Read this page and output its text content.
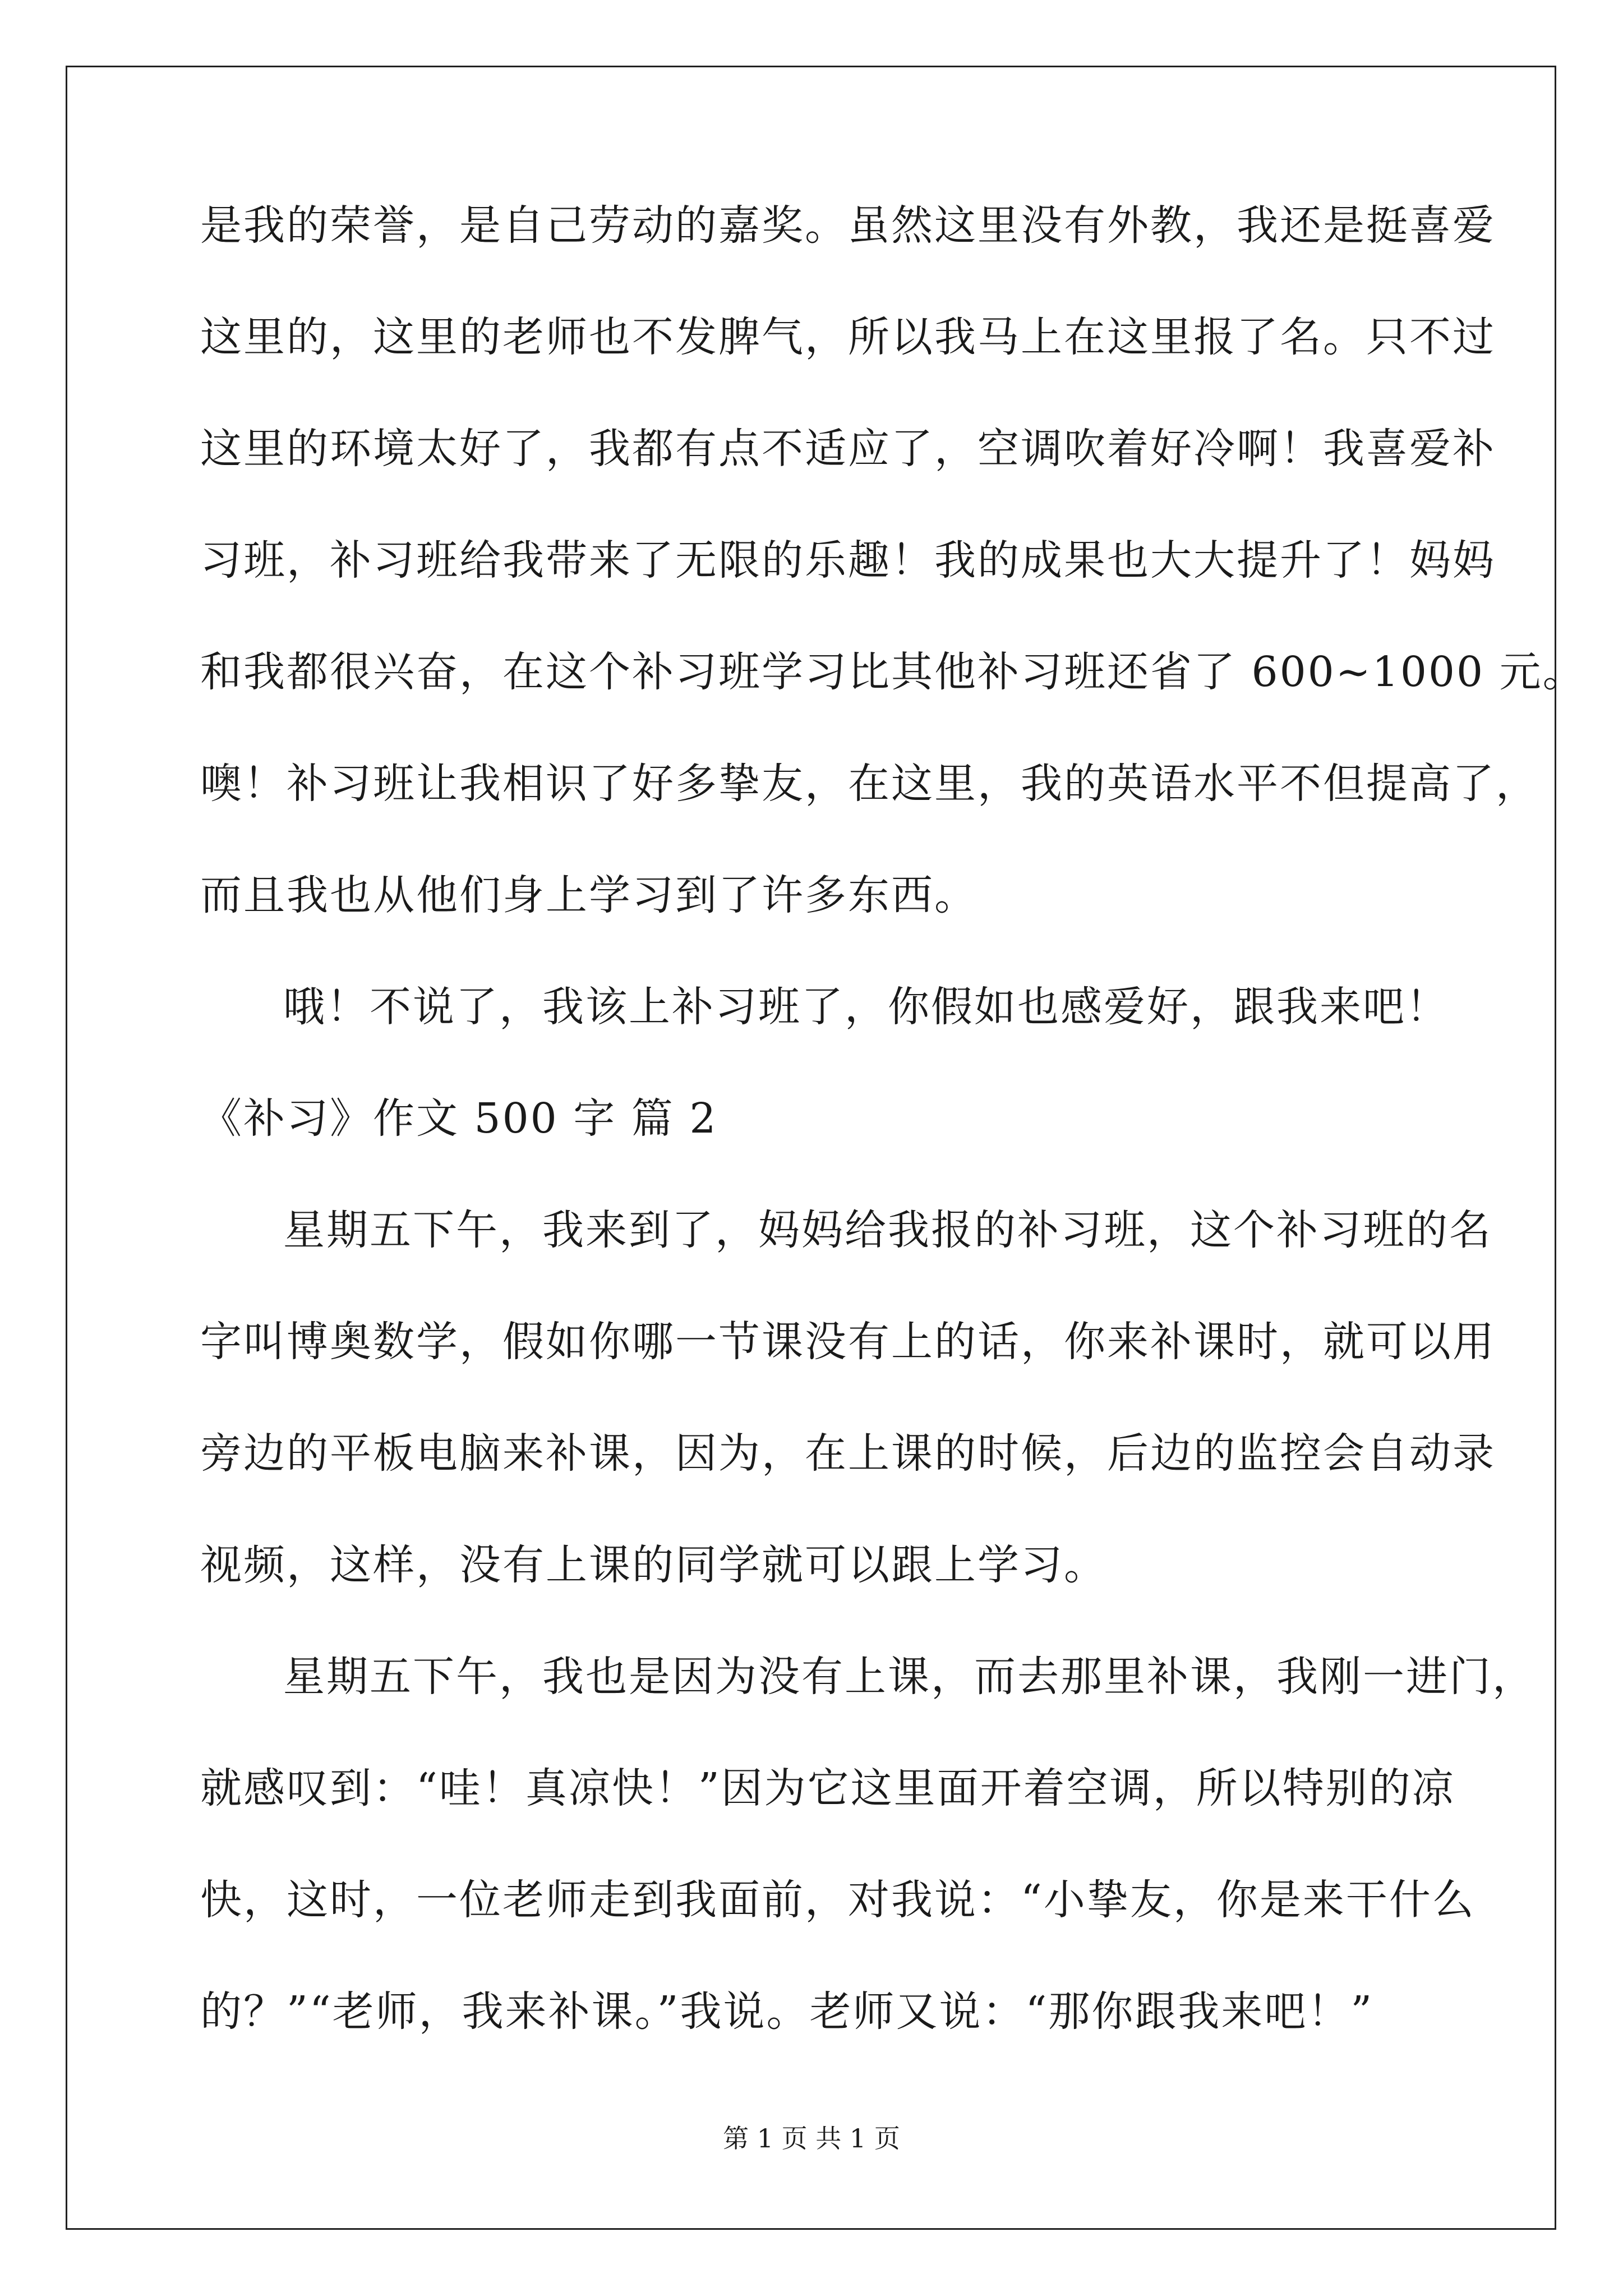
是我的荣誉，是自己劳动的嘉奖。虽然这里没有外教，我还是挺喜爱
这里的，这里的老师也不发脾气，所以我马上在这里报了名。只不过
这里的环境太好了，我都有点不适应了，空调吹着好冷啊！我喜爱补
习班，补习班给我带来了无限的乐趣！我的成果也大大提升了！妈妈
和我都很兴奋，在这个补习班学习比其他补习班还省了 600~1000 元。
噢！补习班让我相识了好多挚友，在这里，我的英语水平不但提高了，
而且我也从他们身上学习到了许多东西。
哦！不说了，我该上补习班了，你假如也感爱好，跟我来吧！
《补习》作文 500 字 篇 2
星期五下午，我来到了，妈妈给我报的补习班，这个补习班的名
字叫博奥数学，假如你哪一节课没有上的话，你来补课时，就可以用
旁边的平板电脑来补课，因为，在上课的时候，后边的监控会自动录
视频，这样，没有上课的同学就可以跟上学习。
星期五下午，我也是因为没有上课，而去那里补课，我刚一进门，
就感叹到：“哇！真凉快！”因为它这里面开着空调，所以特别的凉
快，这时，一位老师走到我面前，对我说：“小挚友，你是来干什么
的？”“老师，我来补课。”我说。老师又说：“那你跟我来吧！”
第 1 页 共 1 页
